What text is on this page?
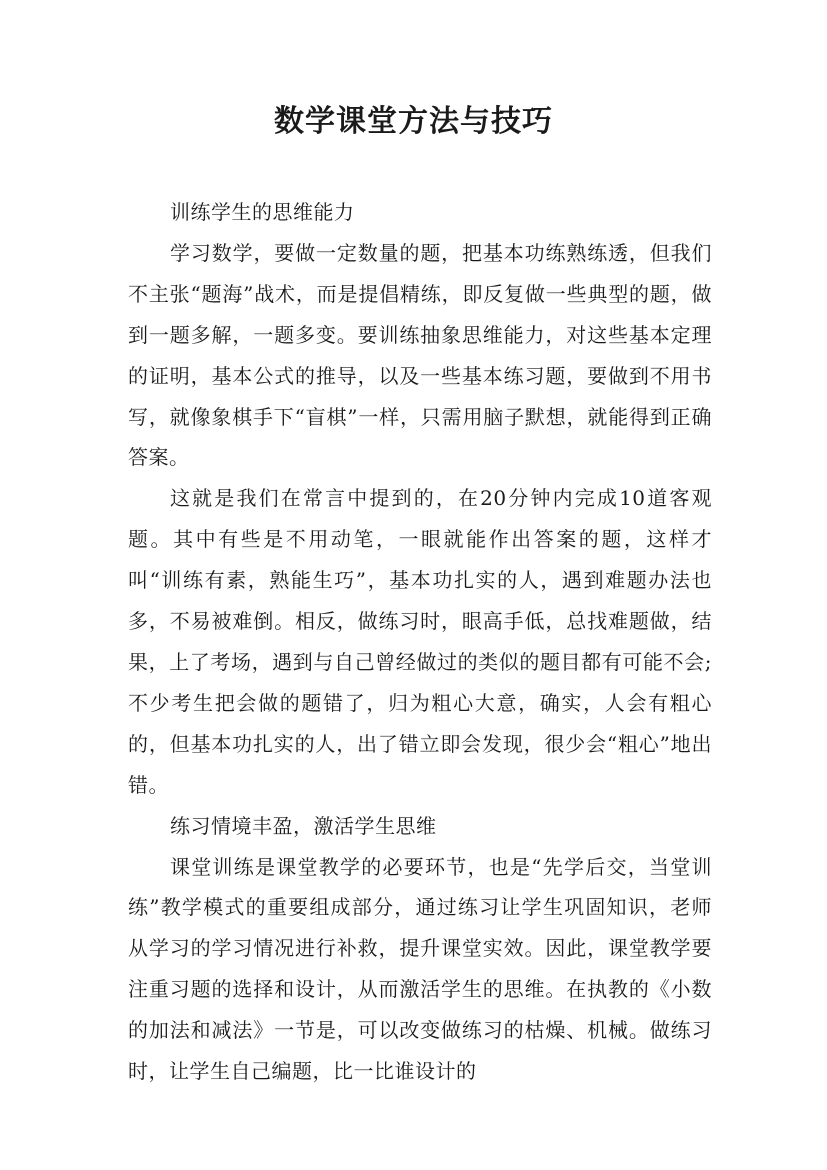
数学课堂方法与技巧

训练学生的思维能力

学习数学，要做一定数量的题，把基本功练熟练透，但我们不主张“题海”战术，而是提倡精练，即反复做一些典型的题，做到一题多解，一题多变。要训练抽象思维能力，对这些基本定理的证明，基本公式的推导，以及一些基本练习题，要做到不用书写，就像象棋手下“盲棋”一样，只需用脑子默想，就能得到正确答案。

这就是我们在常言中提到的，在20分钟内完成10道客观题。其中有些是不用动笔，一眼就能作出答案的题，这样才叫“训练有素，熟能生巧”，基本功扎实的人，遇到难题办法也多，不易被难倒。相反，做练习时，眼高手低，总找难题做，结果，上了考场，遇到与自己曾经做过的类似的题目都有可能不会;不少考生把会做的题错了，归为粗心大意，确实，人会有粗心的，但基本功扎实的人，出了错立即会发现，很少会“粗心”地出错。

练习情境丰盈，激活学生思维

课堂训练是课堂教学的必要环节，也是“先学后交，当堂训练”教学模式的重要组成部分，通过练习让学生巩固知识，老师从学习的学习情况进行补救，提升课堂实效。因此，课堂教学要注重习题的选择和设计，从而激活学生的思维。在执教的《小数的加法和减法》一节是，可以改变做练习的枯燥、机械。做练习时，让学生自己编题，比一比谁设计的
